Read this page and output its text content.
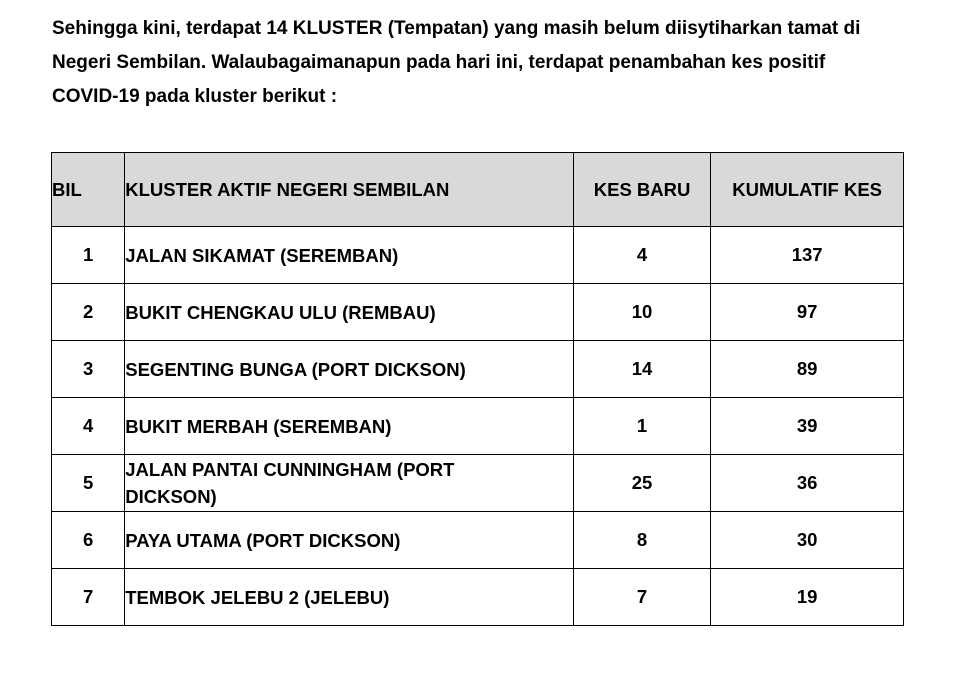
Sehingga kini, terdapat 14 KLUSTER (Tempatan) yang masih belum diisytiharkan tamat di

Negeri Sembilan. Walaubagaimanapun pada hari ini, terdapat penambahan kes positif

COVID-19 pada kluster berikut :

BIL	KLUSTER AKTIF NEGERI SEMBILAN	KES BARU	KUMULATIF KES
1	JALAN SIKAMAT (SEREMBAN)	4	137
2	BUKIT CHENGKAU ULU (REMBAU)	10	97
3	SEGENTING BUNGA (PORT DICKSON)	14	89
4	BUKIT MERBAH (SEREMBAN)	1	39
5	JALAN PANTAI CUNNINGHAM (PORT
DICKSON)	25	36
6	PAYA UTAMA (PORT DICKSON)	8	30
7	TEMBOK JELEBU 2 (JELEBU)	7	19
